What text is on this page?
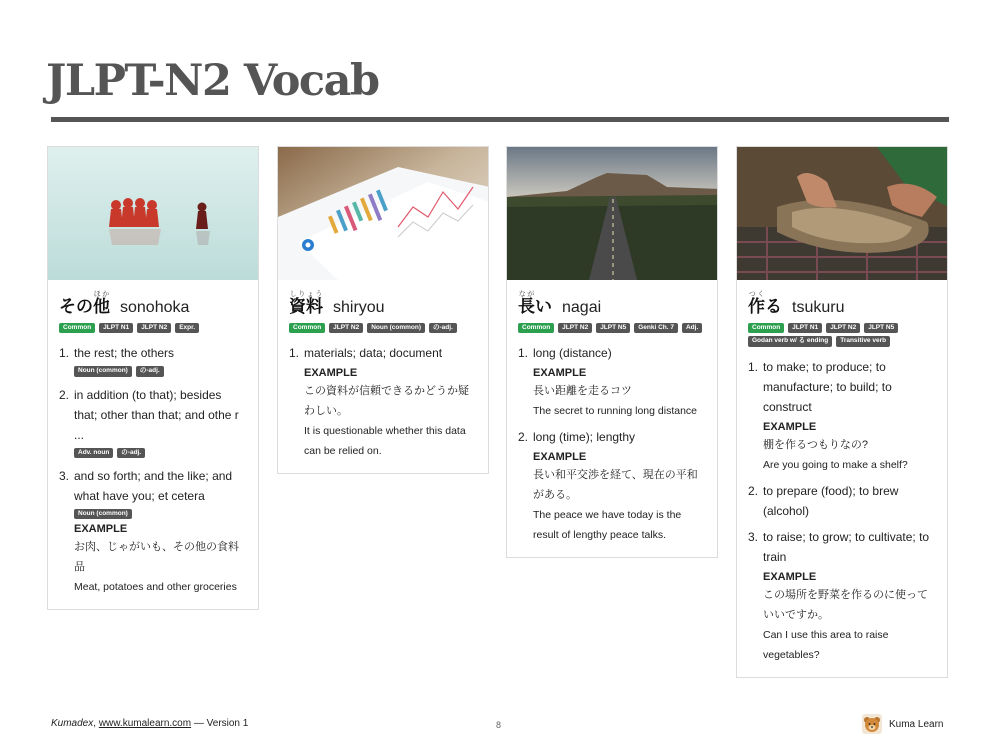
JLPT-N2 Vocab
その他ほか
sonohoka
Common	JLPT N1	JLPT N2	Expr.
1. the rest; the others
Noun (common)	の-adj.
2. in addition (to that); besides that; other than that; and othe r ...
Adv. noun	の-adj.
3. and so forth; and the like; and what have you; et cetera
Noun (common)
EXAMPLE
お肉、じゃがいも、その他の食料品
Meat, potatoes and other groceries
資料しりょう
shiryou
Common	JLPT N2	Noun (common)	の-adj.
1. materials; data; document
EXAMPLE
この資料が信頼できるかどうか疑わしい。
It is questionable whether this data can be relied on.
長ながい nagai
Common	JLPT N2	JLPT N5	Genki Ch. 7	Adj.
1. long (distance)
EXAMPLE
長い距離を走るコツ
The secret to running long distance
2. long (time); lengthy
EXAMPLE
長い和平交渉を経て、現在の平和がある。
The peace we have today is the result of lengthy peace talks.
作つくる tsukuru
Common	JLPT N1	JLPT N2	JLPT N5
Godan verb w/ る ending	Transitive verb
1. to make; to produce; to manufacture; to build; to construct
EXAMPLE
棚を作るつもりなの?
Are you going to make a shelf?
2. to prepare (food); to brew (alcohol)
3. to raise; to grow; to cultivate; to train
EXAMPLE
この場所を野菜を作るのに使っていいですか。
Can I use this area to raise vegetables?
Kumadex, www.kumalearn.com — Version 1	8	Kuma Learn
